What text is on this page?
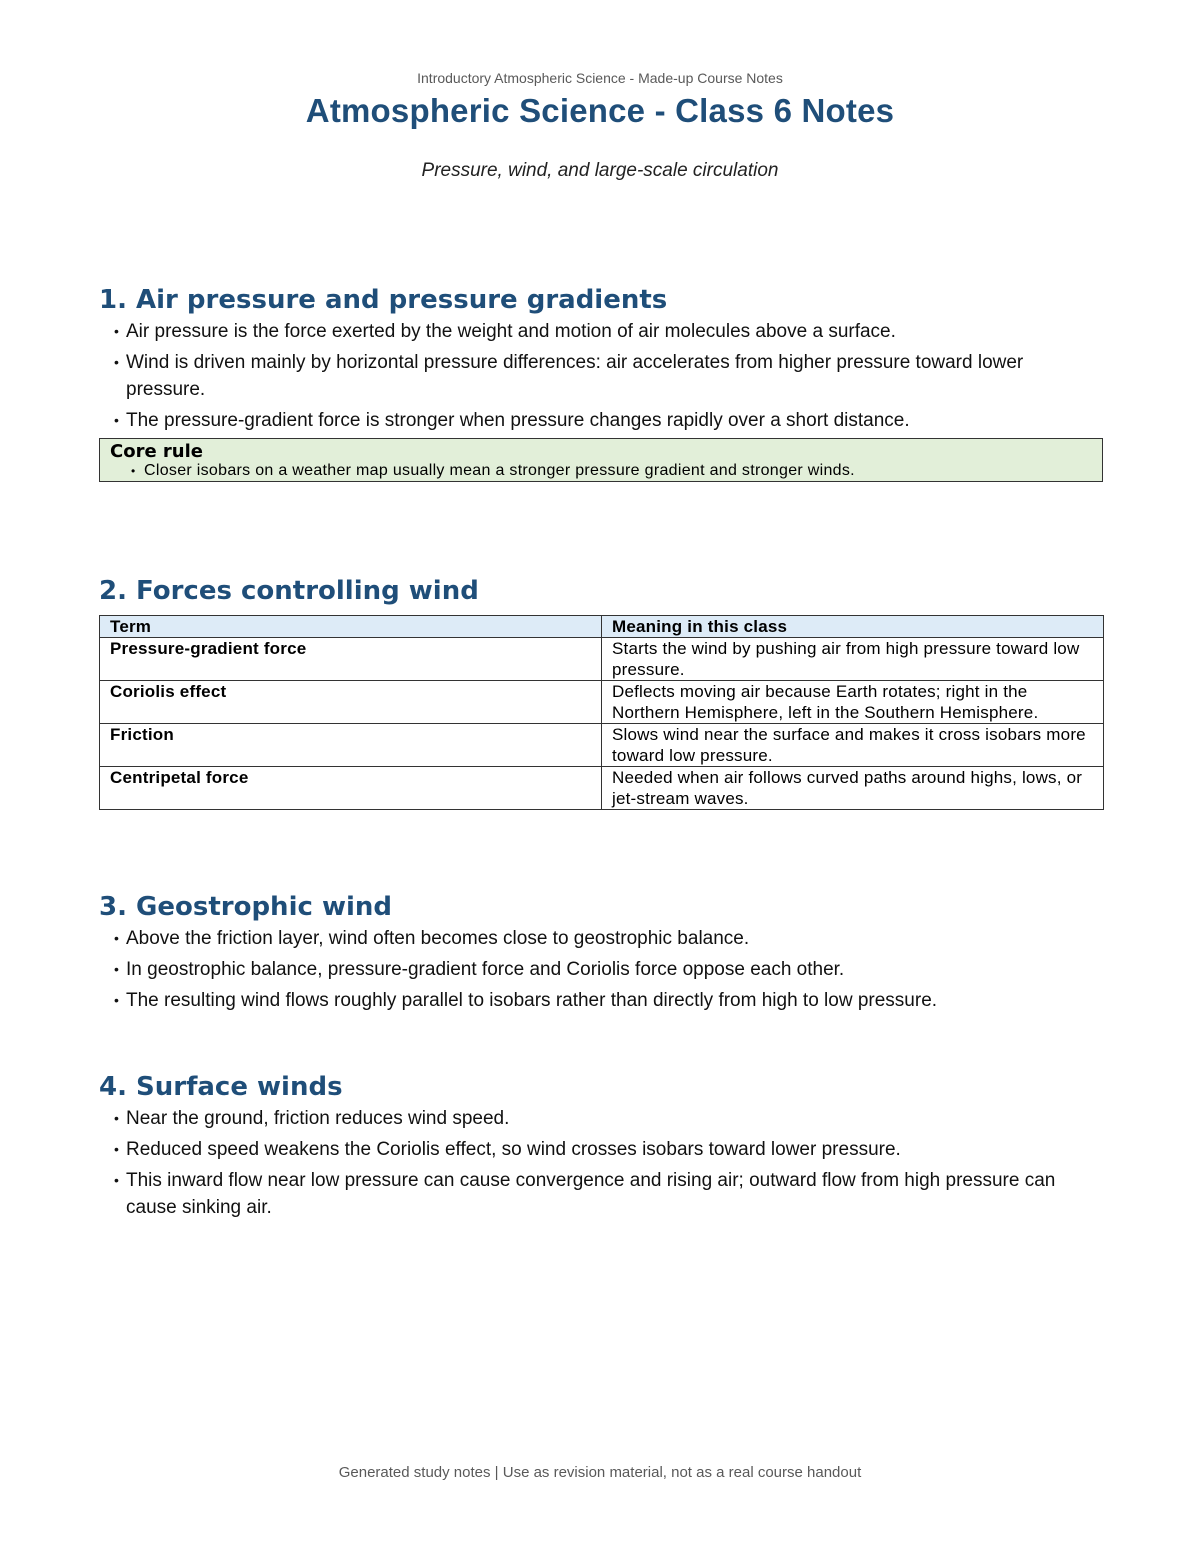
Introductory Atmospheric Science - Made-up Course Notes
Atmospheric Science - Class 6 Notes
Pressure, wind, and large-scale circulation
1. Air pressure and pressure gradients
• Air pressure is the force exerted by the weight and motion of air molecules above a surface.
• Wind is driven mainly by horizontal pressure differences: air accelerates from higher pressure toward lower pressure.
• The pressure-gradient force is stronger when pressure changes rapidly over a short distance.
Core rule
• Closer isobars on a weather map usually mean a stronger pressure gradient and stronger winds.
2. Forces controlling wind
Term	Meaning in this class
Pressure-gradient force	Starts the wind by pushing air from high pressure toward low pressure.
Coriolis effect	Deflects moving air because Earth rotates; right in the Northern Hemisphere, left in the Southern Hemisphere.
Friction	Slows wind near the surface and makes it cross isobars more toward low pressure.
Centripetal force	Needed when air follows curved paths around highs, lows, or jet-stream waves.
3. Geostrophic wind
• Above the friction layer, wind often becomes close to geostrophic balance.
• In geostrophic balance, pressure-gradient force and Coriolis force oppose each other.
• The resulting wind flows roughly parallel to isobars rather than directly from high to low pressure.
4. Surface winds
• Near the ground, friction reduces wind speed.
• Reduced speed weakens the Coriolis effect, so wind crosses isobars toward lower pressure.
• This inward flow near low pressure can cause convergence and rising air; outward flow from high pressure can cause sinking air.
Generated study notes | Use as revision material, not as a real course handout
